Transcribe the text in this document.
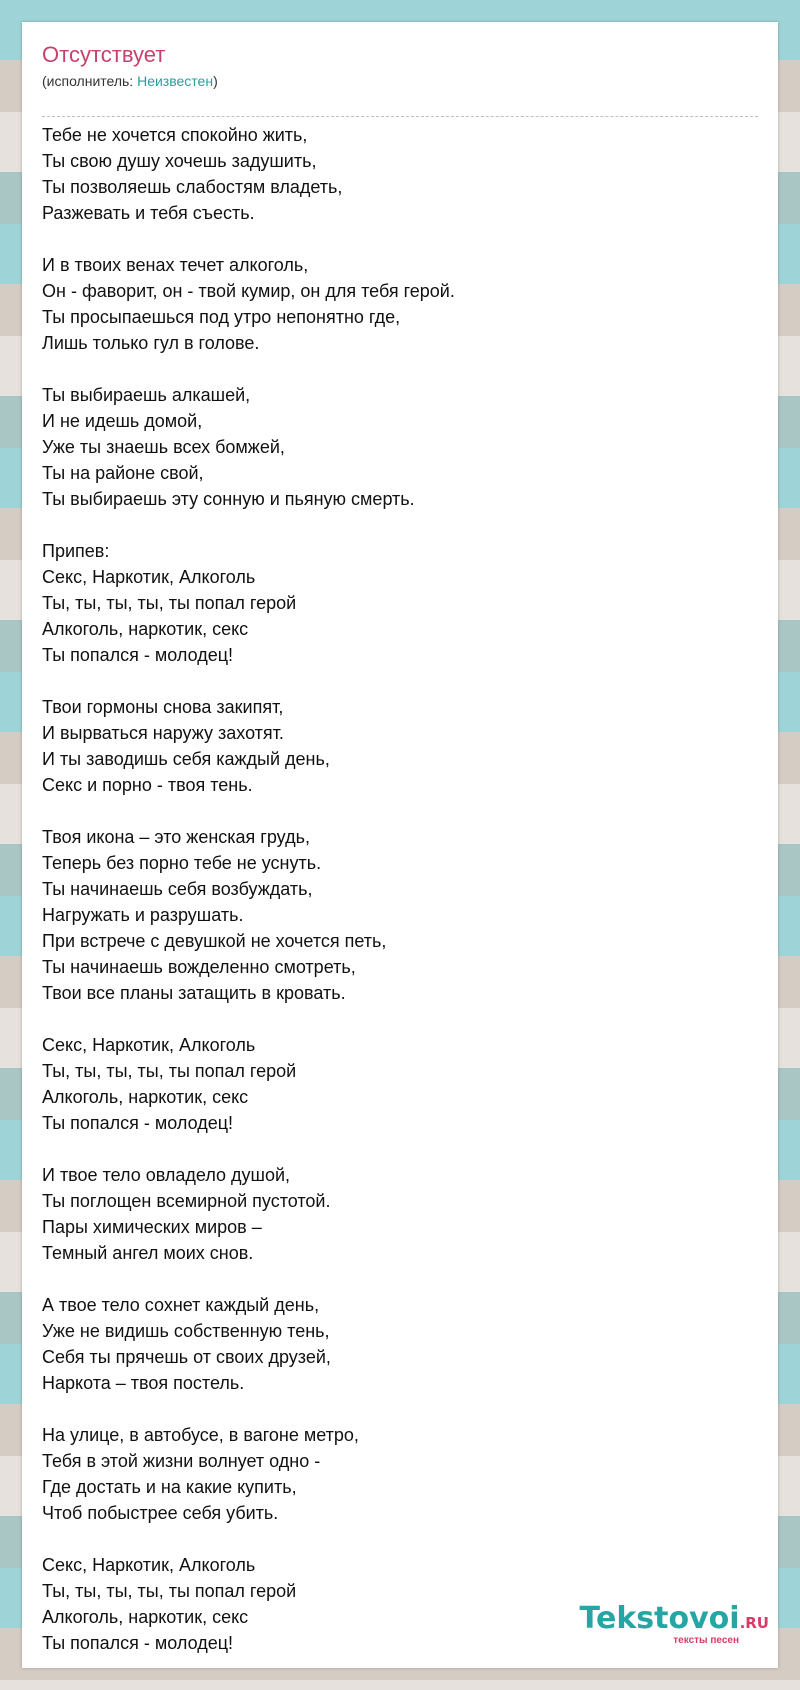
Отсутствует
(исполнитель: Неизвестен)
Тебе не хочется спокойно жить,
Ты свою душу хочешь задушить,
Ты позволяешь слабостям владеть,
Разжевать и тебя съесть.
И в твоих венах течет алкоголь,
Он - фаворит, он - твой кумир, он для тебя герой.
Ты просыпаешься под утро непонятно где,
Лишь только гул в голове.
Ты выбираешь алкашей,
И не идешь домой,
Уже ты знаешь всех бомжей,
Ты на районе свой,
Ты выбираешь эту сонную и пьяную смерть.
Припев:
Секс, Наркотик, Алкоголь
Ты, ты, ты, ты, ты попал герой
Алкоголь, наркотик, секс
Ты попался - молодец!
Твои гормоны снова закипят,
И вырваться наружу захотят.
И ты заводишь себя каждый день,
Секс и порно - твоя тень.
Твоя икона – это женская грудь,
Теперь без порно тебе не уснуть.
Ты начинаешь себя возбуждать,
Нагружать и разрушать.
При встрече с девушкой не хочется петь,
Ты начинаешь вожделенно смотреть,
Твои все планы затащить в кровать.
Секс, Наркотик, Алкоголь
Ты, ты, ты, ты, ты попал герой
Алкоголь, наркотик, секс
Ты попался - молодец!
И твое тело овладело душой,
Ты поглощен всемирной пустотой.
Пары химических миров –
Темный ангел моих снов.
А твое тело сохнет каждый день,
Уже не видишь собственную тень,
Себя ты прячешь от своих друзей,
Наркота – твоя постель.
На улице, в автобусе, в вагоне метро,
Тебя в этой жизни волнует одно -
Где достать и на какие купить,
Чтоб побыстрее себя убить.
Секс, Наркотик, Алкоголь
Ты, ты, ты, ты, ты попал герой
Алкоголь, наркотик, секс
Ты попался - молодец!
Tekstovoi.RU
тексты песен
